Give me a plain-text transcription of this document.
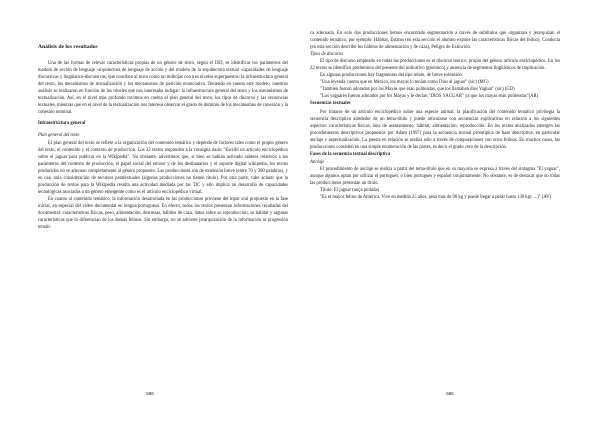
Análisis de los resultados

Una de las formas de relevar características propias de un género de texto, según el ISD, es identificar los parámetros del modelo de acción de lenguaje -arquitectura de lenguaje de acción y del modelo de la arquitectura textual -capacidades de lenguaje discursivas y lingüístico-discursivas, que conciben al texto como un milhojas con tres niveles superpuestos: la infraestructura general del texto, los mecanismos de textualización y los mecanismos de posición enunciativa. Teniendo en cuenta este modelo, nuestros análisis se realizaron en función de los niveles que nos interesaba indagar: la infraestructura general del texto y los mecanismos de textualización. Así, en el nivel más profundo tuvimos en cuenta el plan general del texto, los tipos de discurso y las secuencias textuales, mientras que en el nivel de la textualización nos interesó observar el grado de dominio de los mecanismos de conexión y la cohesión nominal.

Infraestructura general

Plan general del texto

El plan general del texto se refiere a la organización del contenido temático y depende de factores tales como el propio género del texto, el contenido y el contexto de producción. Los 22 textos responden a la consigna dada: "Escribí un artículo enciclopédico sobre el jaguar para publicar en la Wikipedia". No obstante, advertimos que, si bien se habían activado saberes relativos a los parámetros del contexto de producción, el papel social del emisor y de los destinatarios y el soporte digital wikipedia, los textos producidos no se adecuan completamente al género propuesto. Las producciones son de extensión breve (entre 70 y 300 palabras), y en casi nula consideración de recursos paratextuales (algunas producciones no tienen título). Por otra parte, cabe aclarar que la producción de textos para la Wikipedia resulta una actividad mediada por las TIC y ello implica un desarrollo de capacidades tecnológicas asociadas a un género emergente como es el artículo enciclopédico virtual.

En cuanto al contenido temático, la información desarrollada en las producciones proviene del input oral propuesto en la fase inicial, en especial del video documental en lengua portuguesa. En efecto, todos los textos presentan informaciones recabadas del documental: características físicas, peso, alimentación, destrezas, hábitos de caza, datos sobre su reproducción, su hábitat y algunas características que lo diferencian de los demás felinos. Sin embargo, no se advierte jerarquización de la información ni progresión temáti-

586

ca adecuada. En solo dos producciones hemos encontrado segmentación a través de subtítulos que organizan y jerarquizan el contenido temático, por ejemplo: Hábitat, Estatus (en esta sección el alumno expone las características físicas del felino), Conducta (en esta sección describe los hábitos de alimentación y de caza), Peligro de Extinción.

Tipos de discurso

El tipo de discurso empleado en todas las producciones es el discurso teórico, propio del género artículo enciclopédico. En los 22 textos se identificó predominio del presente del indicativo (gnómico) y ausencia de segmentos lingüísticos de implicación.

En algunas producciones hay fragmentos del tipo relato, de breve extensión:

"Una leyenda cuenta que en Mexico, los mayas lo tenían como Dios al jaguar" (sic) (MG)

"Tambien fueron adorados por los Mayas que eran politeistas, que los llamaban dios Yaguar" (sic) (GD)

"Los yaguares fueron adorados por los Mayas y le decían "DIOS YAGUAR" ya que los mayas eran politeistas"(AR)

Secuencias textuales

Por tratarse de un artículo enciclopédico sobre una especie animal, la planificación del contenido temático privilegia la secuencia descriptiva alrededor de un tema-título y puede articularse con secuencias explicativas en relación a los siguientes aspectos: características físicas, área de asentamiento, hábitat, alimentación, reproducción. En los textos analizados emergen las procedimientos descriptivos propuestos por Adam (1997) para la secuencia textual prototípica de base descriptiva, en particular anclaje y aspectualización. La puesta en relación se realiza sólo a través de comparaciones con otros felinos. En muchos casos, las producciones consisten en una simple enumeración de las partes, es decir el grado cero de la descripción.

Fases de la secuencia textual descriptiva

Anclaje

El procedimiento de anclaje se realiza a partir del tema-título que en su mayoría se expresa a través del sintagma "El yaguar", aunque algunos optan por utilizar el portugués, o bien portugués y español conjuntamente. No obstante, es de destacar que no todas las producciones presentan un título.

Título: El jaguar (onça pintada)

"Es el mayor felino de América. Vive en medida 25 años, pesa más de 90 kg y puede llegar a pesar hasta 130 kgr. ...)" (AV)

586
